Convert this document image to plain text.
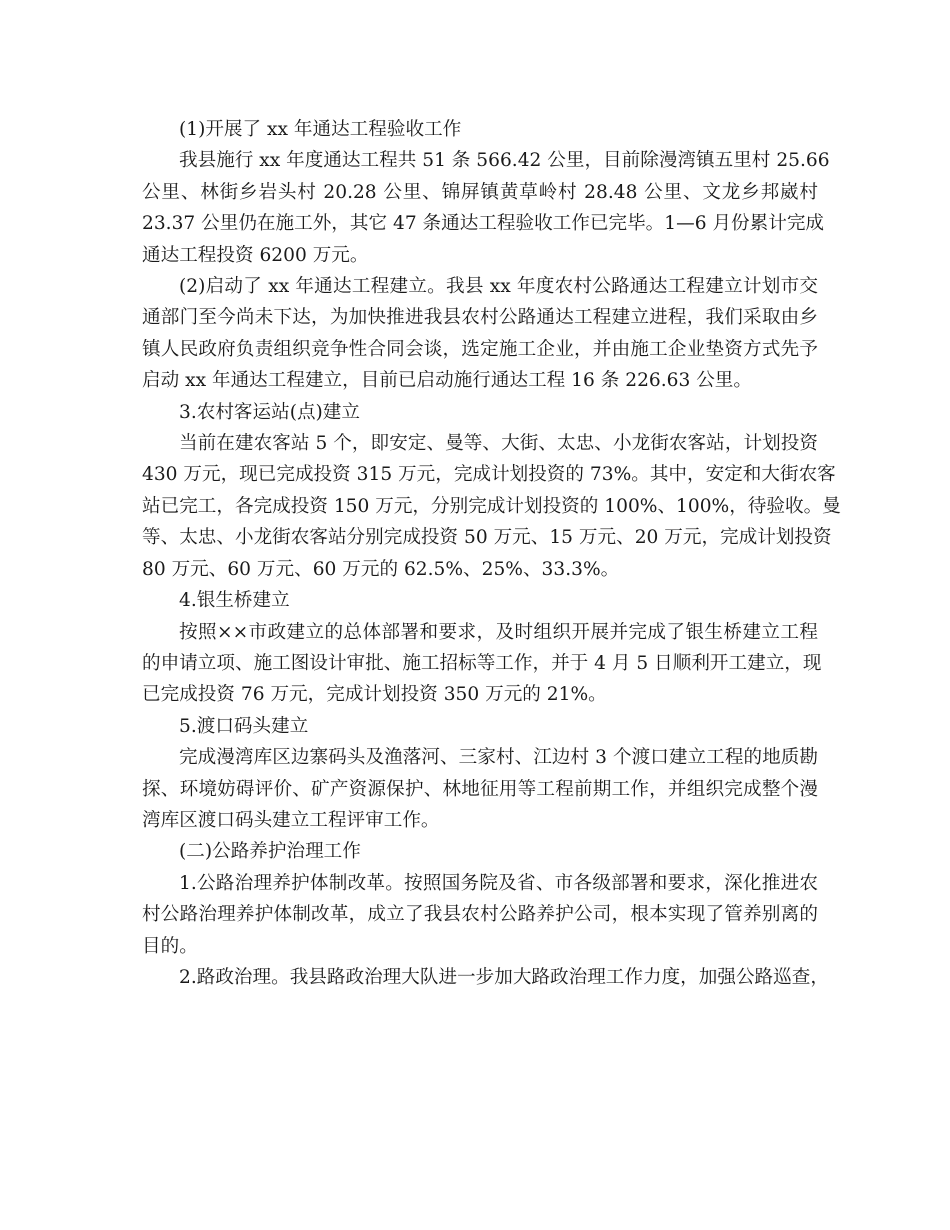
(1)开展了 xx 年通达工程验收工作
我县施行 xx 年度通达工程共 51 条 566.42 公里，目前除漫湾镇五里村 25.66
公里、林街乡岩头村 20.28 公里、锦屏镇黄草岭村 28.48 公里、文龙乡邦崴村
23.37 公里仍在施工外，其它 47 条通达工程验收工作已完毕。1—6 月份累计完成
通达工程投资 6200 万元。
(2)启动了 xx 年通达工程建立。我县 xx 年度农村公路通达工程建立计划市交
通部门至今尚未下达，为加快推进我县农村公路通达工程建立进程，我们采取由乡
镇人民政府负责组织竞争性合同会谈，选定施工企业，并由施工企业垫资方式先予
启动 xx 年通达工程建立，目前已启动施行通达工程 16 条 226.63 公里。
3.农村客运站(点)建立
当前在建农客站 5 个，即安定、曼等、大街、太忠、小龙街农客站，计划投资
430 万元，现已完成投资 315 万元，完成计划投资的 73%。其中，安定和大街农客
站已完工，各完成投资 150 万元，分别完成计划投资的 100%、100%，待验收。曼
等、太忠、小龙街农客站分别完成投资 50 万元、15 万元、20 万元，完成计划投资
80 万元、60 万元、60 万元的 62.5%、25%、33.3%。
4.银生桥建立
按照××市政建立的总体部署和要求，及时组织开展并完成了银生桥建立工程
的申请立项、施工图设计审批、施工招标等工作，并于 4 月 5 日顺利开工建立，现
已完成投资 76 万元，完成计划投资 350 万元的 21%。
5.渡口码头建立
完成漫湾库区边寨码头及渔落河、三家村、江边村 3 个渡口建立工程的地质勘
探、环境妨碍评价、矿产资源保护、林地征用等工程前期工作，并组织完成整个漫
湾库区渡口码头建立工程评审工作。
(二)公路养护治理工作
1.公路治理养护体制改革。按照国务院及省、市各级部署和要求，深化推进农
村公路治理养护体制改革，成立了我县农村公路养护公司，根本实现了管养别离的
目的。
2.路政治理。我县路政治理大队进一步加大路政治理工作力度，加强公路巡查，
